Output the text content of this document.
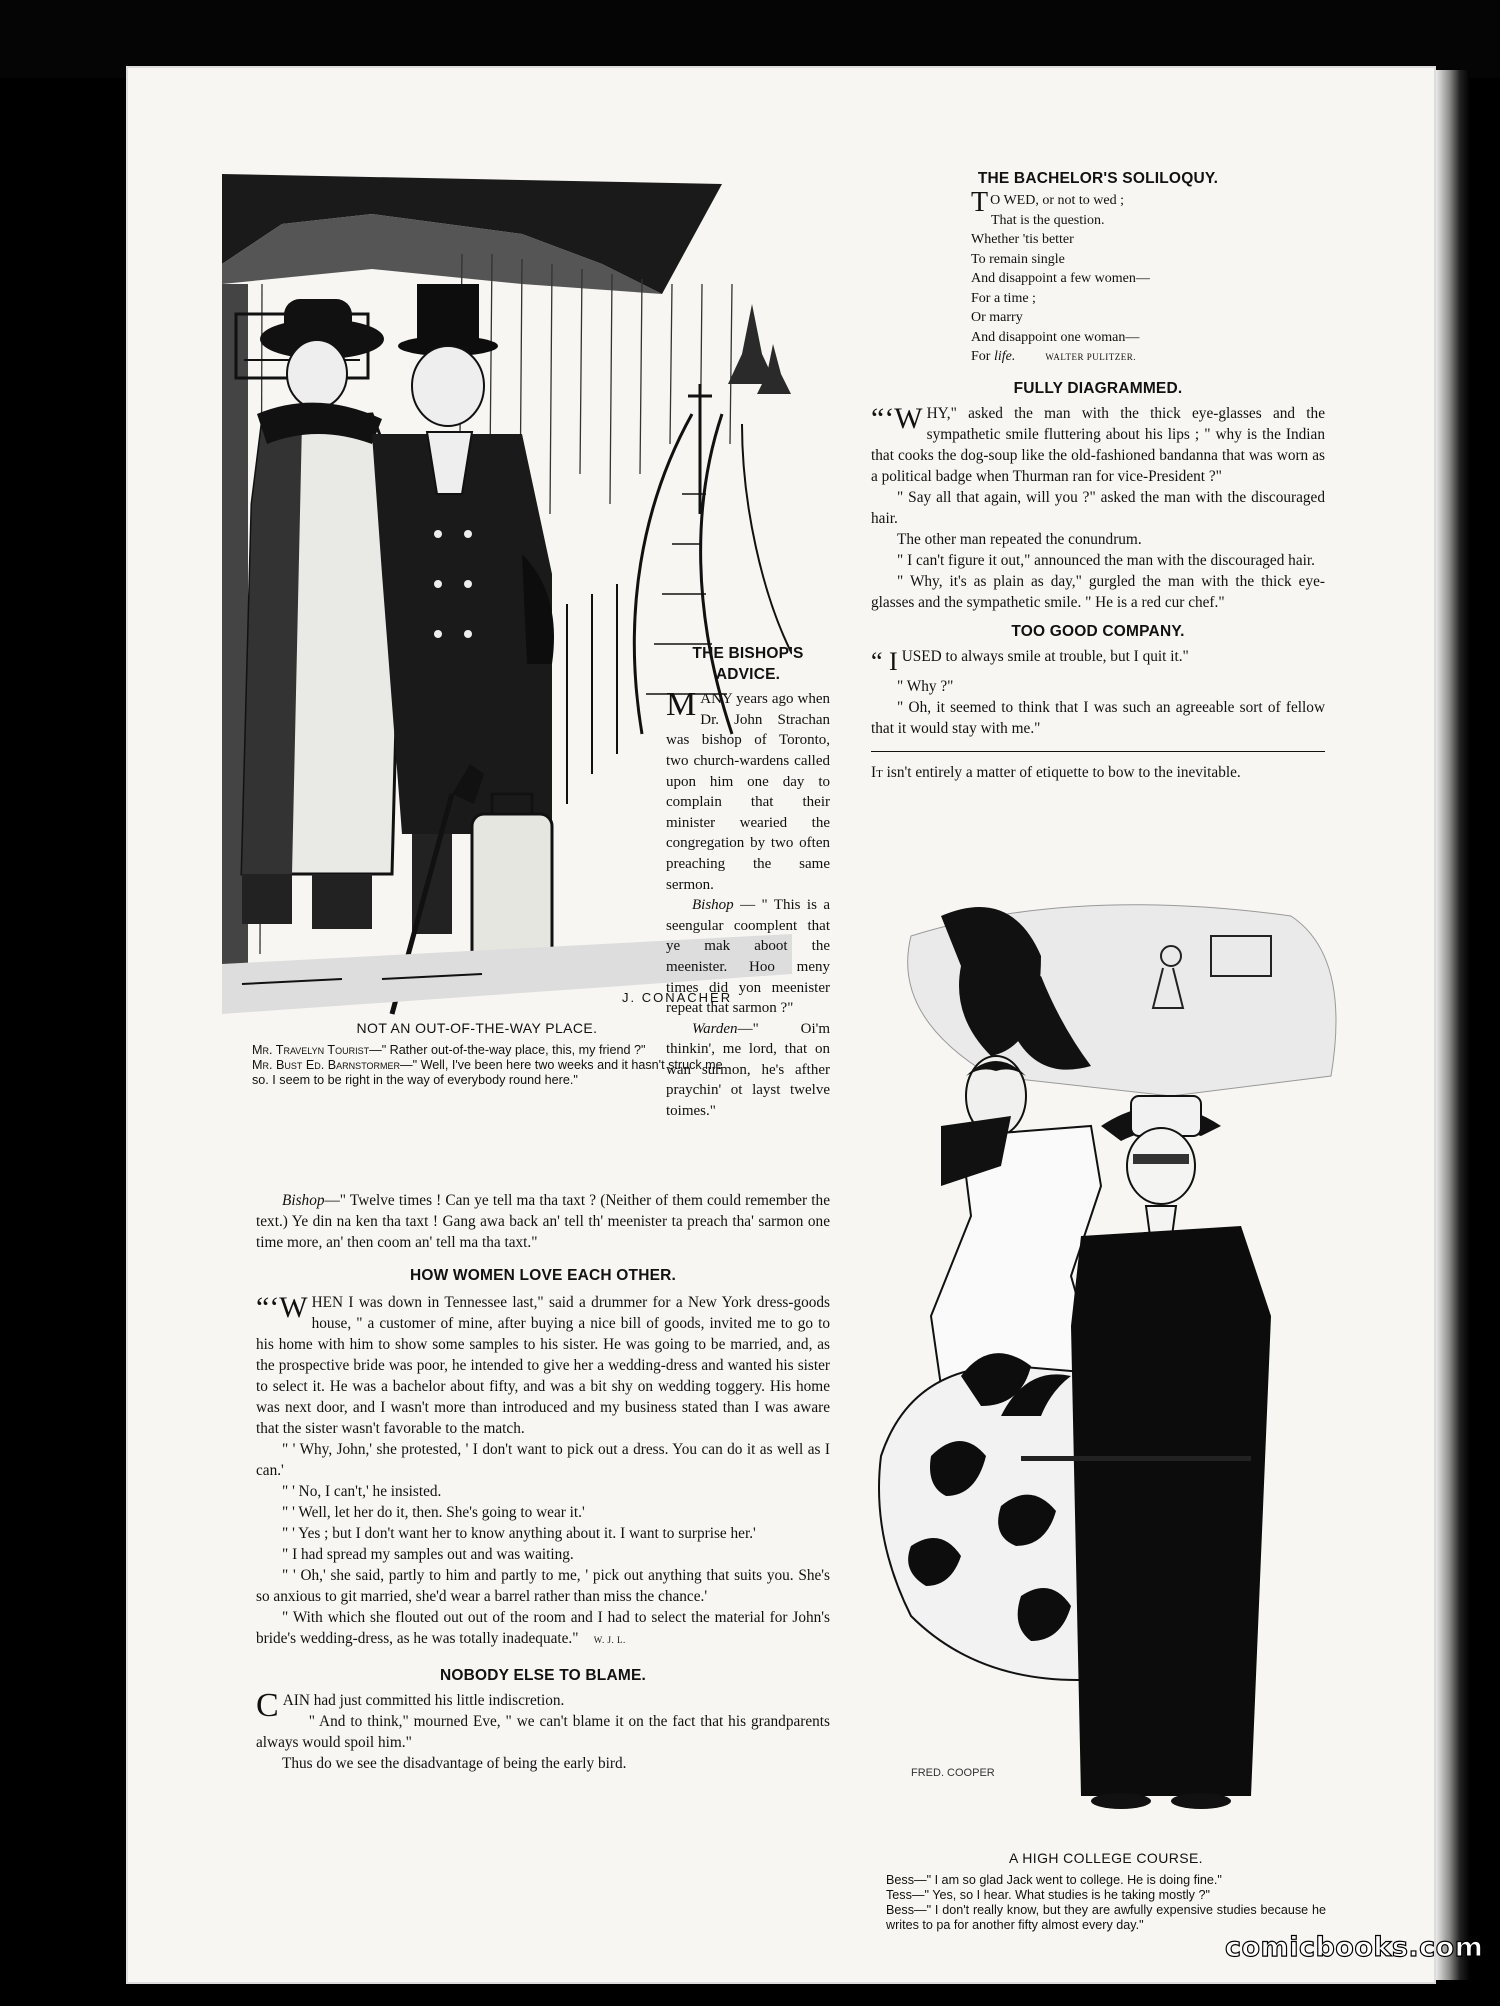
J. CONACHER
NOT AN OUT-OF-THE-WAY PLACE.
Mr. Travelyn Tourist—" Rather out-of-the-way place, this, my friend ?"
Mr. Bust Ed. Barnstormer—" Well, I've been here two weeks and it hasn't struck me so. I seem to be right in the way of everybody round here."
THE BISHOP'S
ADVICE.

MANY years ago when Dr. John Strachan was bishop of Toronto, two church-wardens called upon him one day to complain that their minister wearied the congregation by two often preaching the same sermon.

Bishop — " This is a seengular coomplent that ye mak aboot the meenister. Hoo meny times did yon meenister repeat that sarmon ?"

Warden—" Oi'm thinkin', me lord, that on wan surmon, he's afther praychin' ot layst twelve toimes."

Bishop—" Twelve times ! Can ye tell ma tha taxt ? (Neither of them could remember the text.) Ye din na ken tha taxt ! Gang awa back an' tell th' meenister ta preach tha' sarmon one time more, an' then coom an' tell ma tha taxt."

HOW WOMEN LOVE EACH OTHER.

“‘W HEN I was down in Tennessee last," said a drummer for a New York dress-goods house, " a customer of mine, after buying a nice bill of goods, invited me to go to his home with him to show some samples to his sister. He was going to be married, and, as the prospective bride was poor, he intended to give her a wedding-dress and wanted his sister to select it. He was a bachelor about fifty, and was a bit shy on wedding toggery. His home was next door, and I wasn't more than introduced and my business stated than I was aware that the sister wasn't favorable to the match.

" ' Why, John,' she protested, ' I don't want to pick out a dress. You can do it as well as I can.'

" ' No, I can't,' he insisted.

" ' Well, let her do it, then. She's going to wear it.'

" ' Yes ; but I don't want her to know anything about it. I want to surprise her.'

" I had spread my samples out and was waiting.

" ' Oh,' she said, partly to him and partly to me, ' pick out anything that suits you. She's so anxious to git married, she'd wear a barrel rather than miss the chance.'

" With which she flouted out out of the room and I had to select the material for John's bride's wedding-dress, as he was totally inadequate." W. J. L.

NOBODY ELSE TO BLAME.

CAIN had just committed his little indiscretion.

" And to think," mourned Eve, " we can't blame it on the fact that his grandparents always would spoil him."

Thus do we see the disadvantage of being the early bird.

THE BACHELOR'S SOLILOQUY.
T O WED, or not to wed ;
That is the question.
Whether 'tis better
To remain single
And disappoint a few women—
For a time ;
Or marry
And disappoint one woman—
For life.	WALTER PULITZER.
FULLY DIAGRAMMED.

“‘W HY," asked the man with the thick eye-glasses and the sympathetic smile fluttering about his lips ; " why is the Indian that cooks the dog-soup like the old-fashioned bandanna that was worn as a political badge when Thurman ran for vice-President ?"

" Say all that again, will you ?" asked the man with the discouraged hair.

The other man repeated the conundrum.

" I can't figure it out," announced the man with the discouraged hair.

" Why, it's as plain as day," gurgled the man with the thick eye-glasses and the sympathetic smile. " He is a red cur chef."

TOO GOOD COMPANY.

“ I USED to always smile at trouble, but I quit it."

" Why ?"

" Oh, it seemed to think that I was such an agreeable sort of fellow that it would stay with me."

It isn't entirely a matter of etiquette to bow to the inevitable.

FRED. COOPER
A HIGH COLLEGE COURSE.
Bess—" I am so glad Jack went to college. He is doing fine."
Tess—" Yes, so I hear. What studies is he taking mostly ?"
Bess—" I don't really know, but they are awfully expensive studies because he writes to pa for another fifty almost every day."
comicbooks.com
